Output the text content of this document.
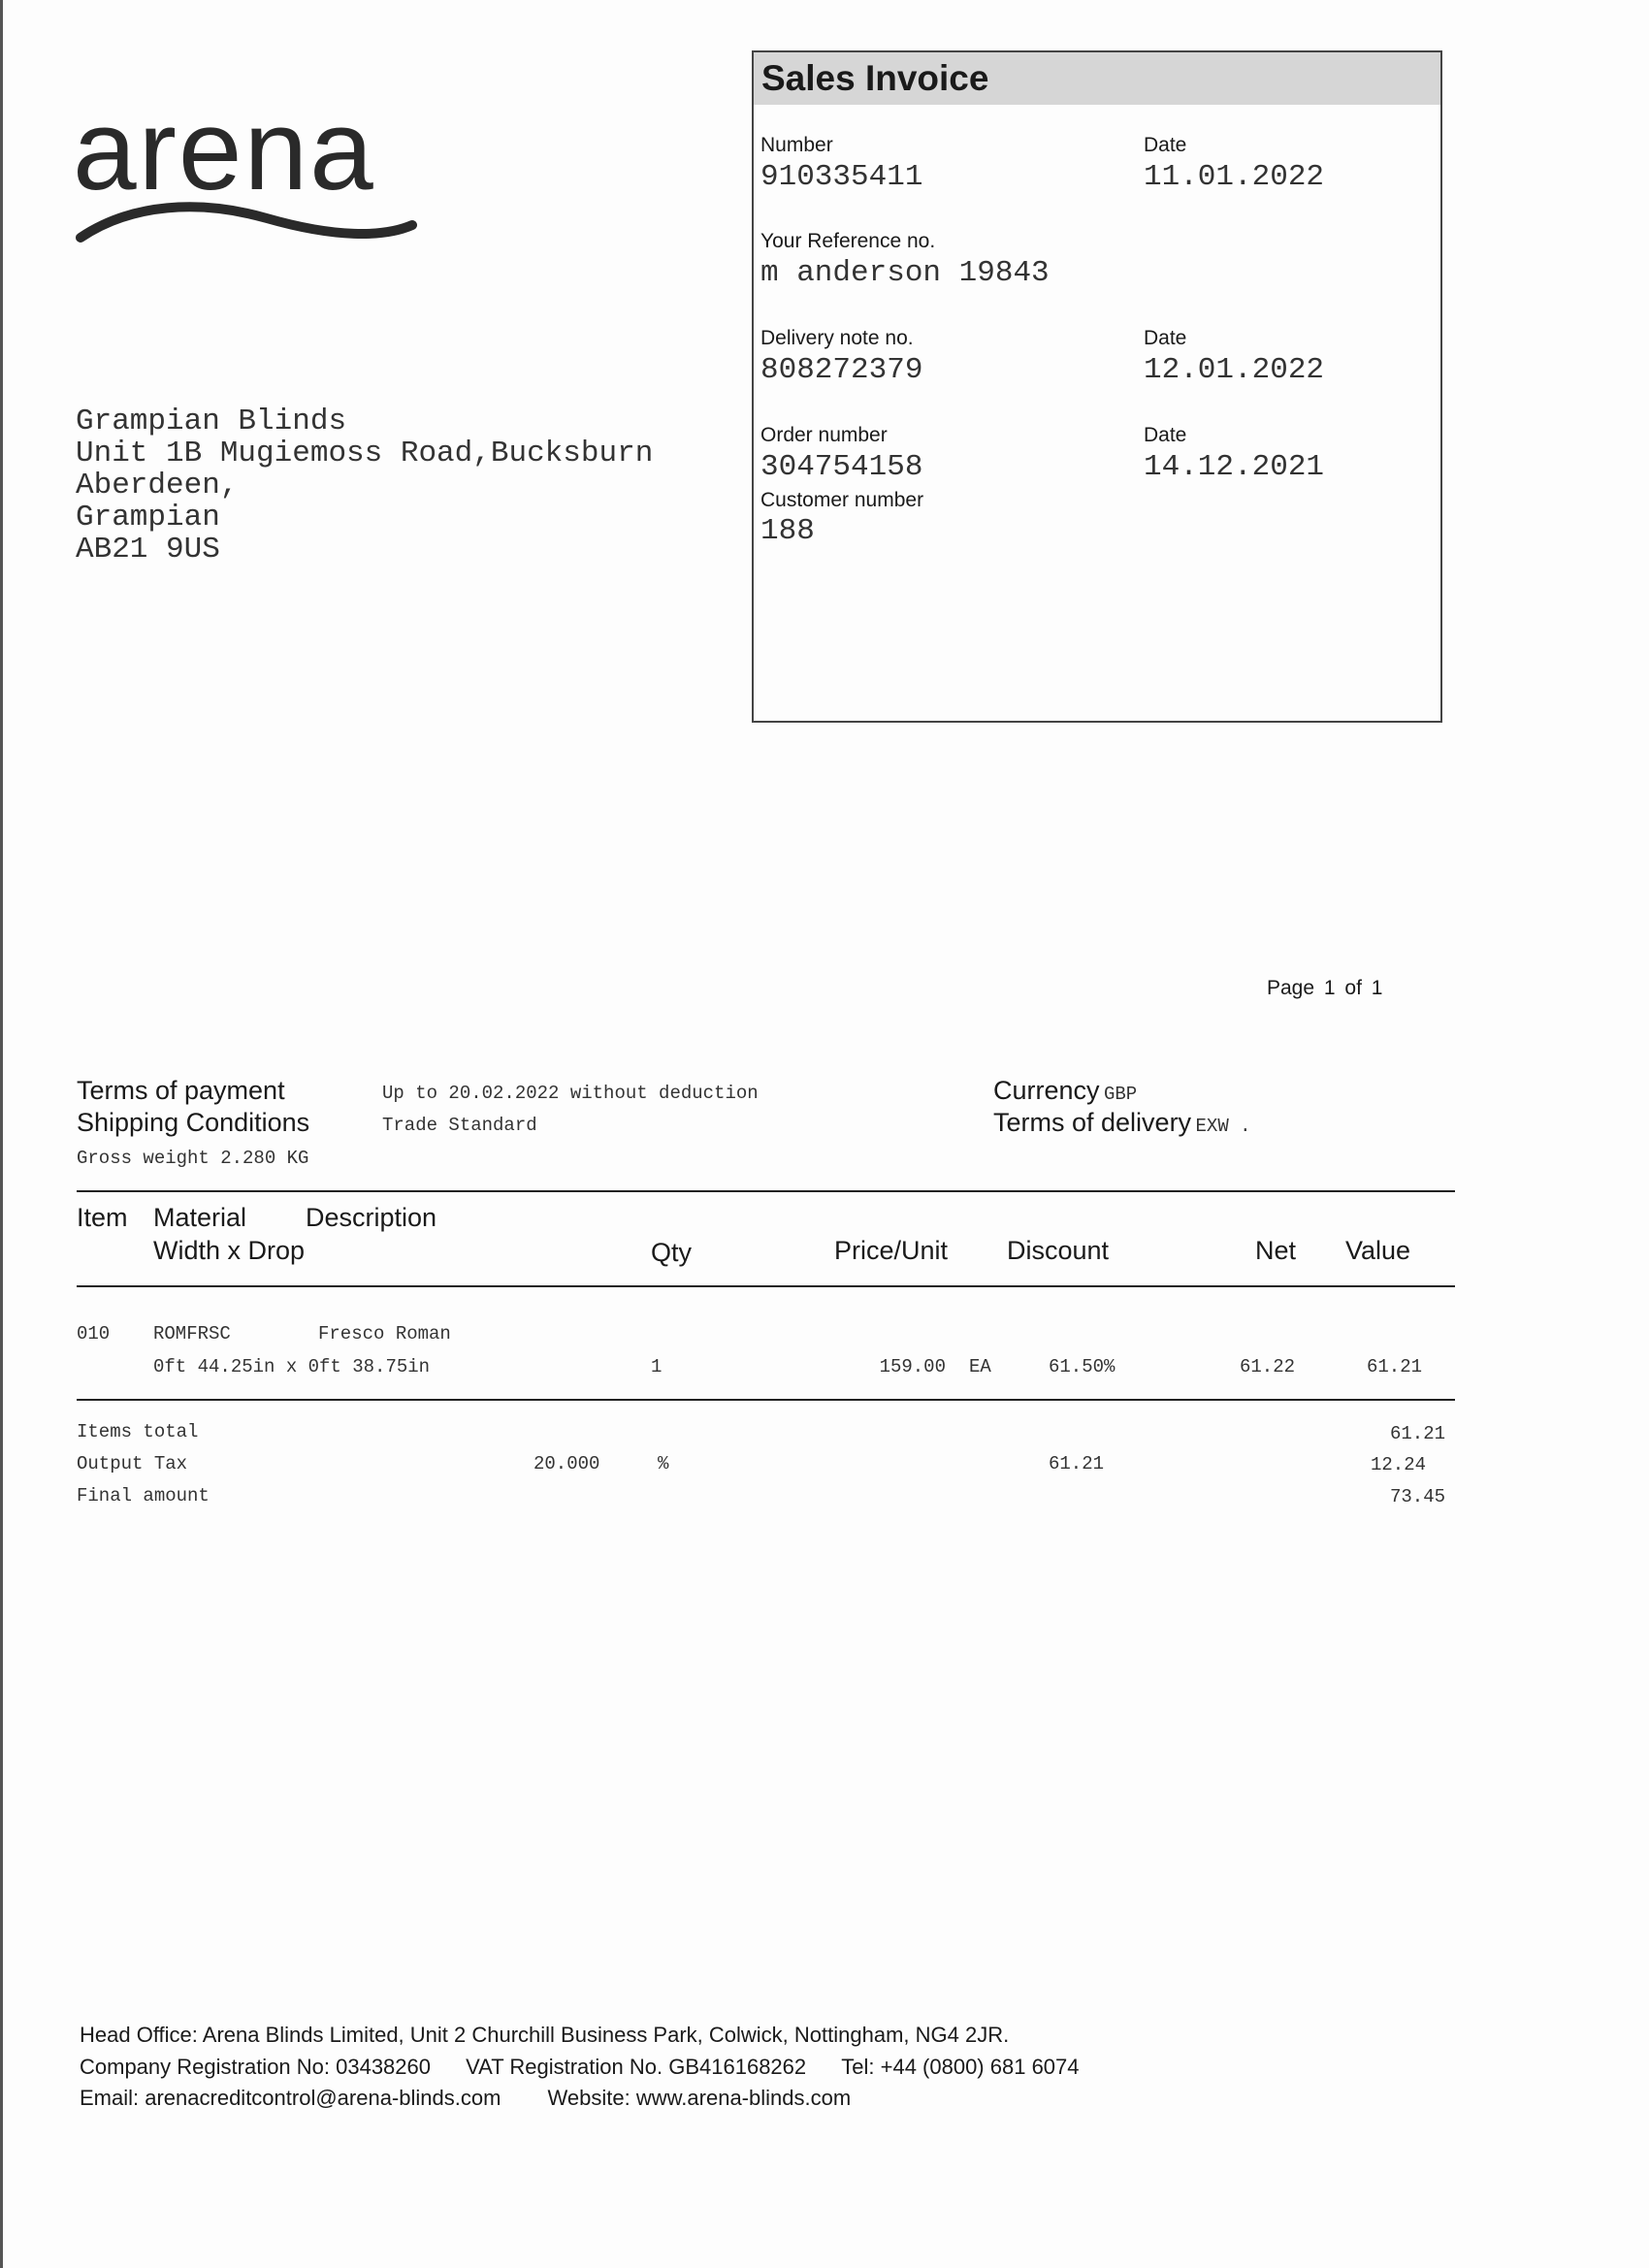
arena
Grampian Blinds
Unit 1B Mugiemoss Road,Bucksburn
Aberdeen,
Grampian
AB21 9US
Sales Invoice
Number
910335411
Date
11.01.2022
Your Reference no.
m anderson 19843
Delivery note no.
808272379
Date
12.01.2022
Order number
304754158
Date
14.12.2021
Customer number
188
Page 1 of 1
Terms of payment	Up to 20.02.2022 without deduction
Shipping Conditions	Trade Standard
Gross weight 2.280 KG
Currency GBP
Terms of delivery EXW .
Item Material Description
Width x Drop	Qty	Price/Unit Discount	Net Value
010 ROMFRSC	Fresco Roman
0ft 44.25in x 0ft 38.75in	1	159.00 EA	61.50%	61.22	61.21
Items total	61.21
Output Tax	20.000	%	61.21	12.24
Final amount	73.45
Head Office: Arena Blinds Limited, Unit 2 Churchill Business Park, Colwick, Nottingham, NG4 2JR.
Company Registration No: 03438260 VAT Registration No. GB416168262 Tel: +44 (0800) 681 6074
Email: arenacreditcontrol@arena-blinds.com Website: www.arena-blinds.com
